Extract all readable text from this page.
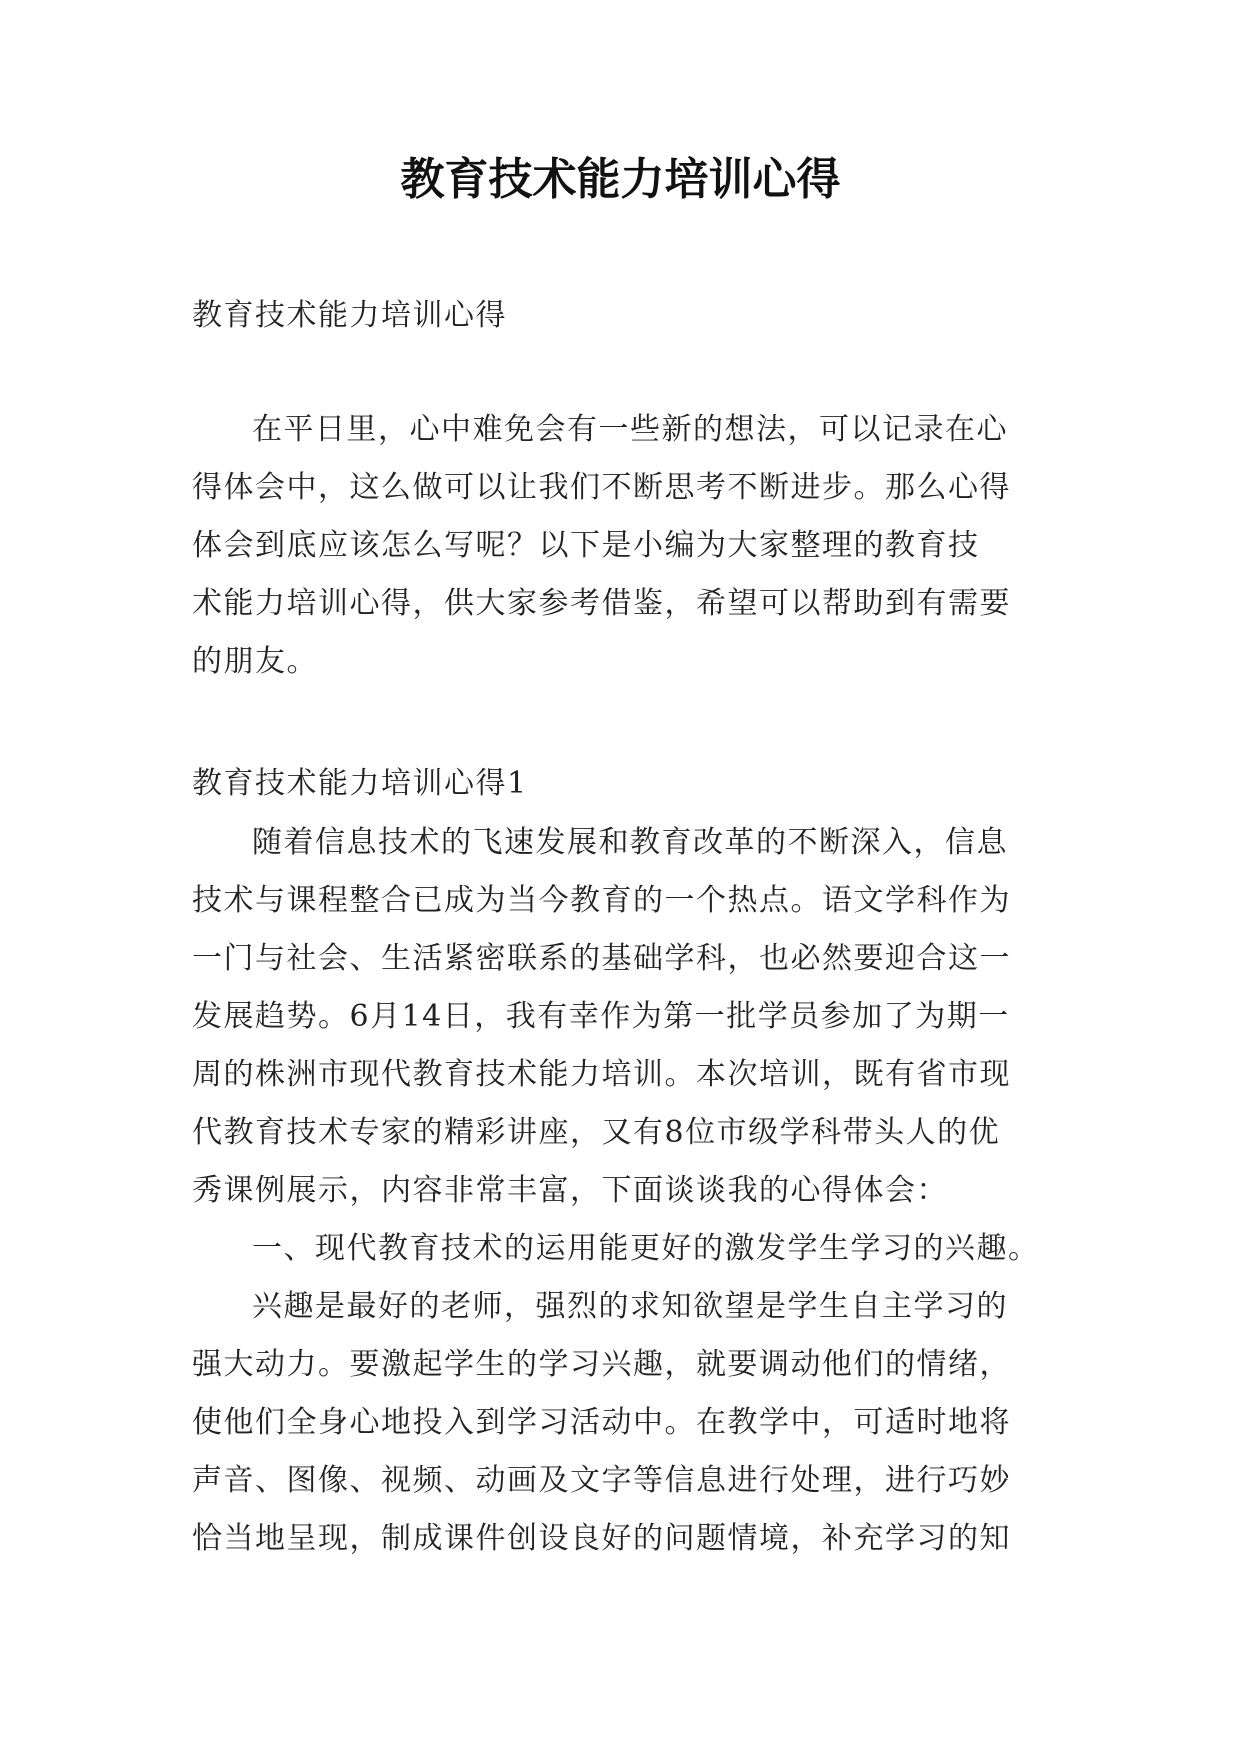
教育技术能力培训心得

教育技术能力培训心得

在平日里，心中难免会有一些新的想法，可以记录在心
得体会中，这么做可以让我们不断思考不断进步。那么心得
体会到底应该怎么写呢？以下是小编为大家整理的教育技
术能力培训心得，供大家参考借鉴，希望可以帮助到有需要
的朋友。

教育技术能力培训心得1

随着信息技术的飞速发展和教育改革的不断深入，信息
技术与课程整合已成为当今教育的一个热点。语文学科作为
一门与社会、生活紧密联系的基础学科，也必然要迎合这一
发展趋势。6月14日，我有幸作为第一批学员参加了为期一
周的株洲市现代教育技术能力培训。本次培训，既有省市现
代教育技术专家的精彩讲座，又有8位市级学科带头人的优
秀课例展示，内容非常丰富，下面谈谈我的心得体会：

一、现代教育技术的运用能更好的激发学生学习的兴趣。

兴趣是最好的老师，强烈的求知欲望是学生自主学习的
强大动力。要激起学生的学习兴趣，就要调动他们的情绪，
使他们全身心地投入到学习活动中。在教学中，可适时地将
声音、图像、视频、动画及文字等信息进行处理，进行巧妙
恰当地呈现，制成课件创设良好的问题情境，补充学习的知
